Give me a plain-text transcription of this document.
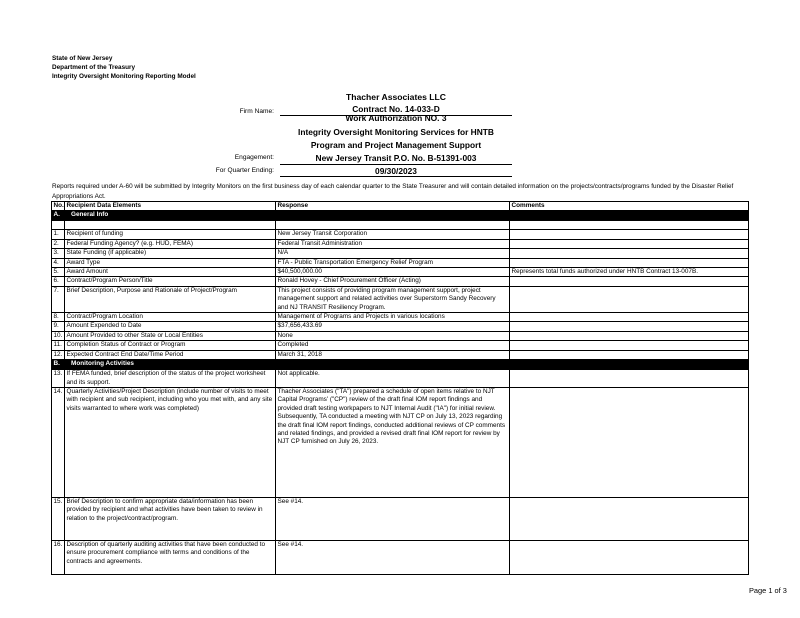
State of New Jersey
Department of the Treasury
Integrity Oversight Monitoring Reporting Model
Thacher Associates LLC
Firm Name:	Contract No. 14-033-D
Work Authorization NO. 3
Integrity Oversight Monitoring Services for HNTB
Program and Project Management Support
Engagement:	New Jersey Transit P.O. No. B-51391-003
For Quarter Ending:	09/30/2023
Reports required under A-60 will be submitted by Integrity Monitors on the first business day of each calendar quarter to the State Treasurer and will contain detailed information on the projects/contracts/programs funded by the Disaster Relief Appropriations Act.
No.	Recipient Data Elements	Response	Comments
A.	General Info		

1.	Recipient of funding	New Jersey Transit Corporation	
2.	Federal Funding Agency? (e.g. HUD, FEMA)	Federal Transit Administration	
3.	State Funding (if applicable)	N/A	
4.	Award Type	FTA - Public Transportation Emergency Relief Program	
5.	Award Amount	$40,500,000.00	Represents total funds authorized under HNTB Contract 13-007B.
6.	Contract/Program Person/Title	Ronald Hovey - Chief Procurement Officer (Acting)	
7.	Brief Description, Purpose and Rationale of Project/Program	This project consists of providing program management support, project management support and related activities over Superstorm Sandy Recovery and NJ TRANSIT Resiliency Program.	
8.	Contract/Program Location	Management of Programs and Projects in various locations	
9.	Amount Expended to Date	$37,656,433.69	
10.	Amount Provided to other State or Local Entities	None	
11.	Completion Status of Contract or Program	Completed	
12.	Expected Contract End Date/Time Period	March 31, 2018	
B.	Monitoring Activities		
13.	If FEMA funded, brief description of the status of the project worksheet and its support.	Not applicable.	
14.	Quarterly Activities/Project Description (include number of visits to meet with recipient and sub recipient, including who you met with, and any site visits warranted to where work was completed)	Thacher Associates ("TA") prepared a schedule of open items relative to NJT Capital Programs' ("CP") review of the draft final IOM report findings and provided draft testing workpapers to NJT Internal Audit ("IA") for initial review. Subsequently, TA conducted a meeting with NJT CP on July 13, 2023 regarding the draft final IOM report findings, conducted additional reviews of CP comments and related findings, and provided a revised draft final IOM report for review by NJT CP furnished on July 26, 2023.	
15.	Brief Description to confirm appropriate data/information has been provided by recipient and what activities have been taken to review in relation to the project/contract/program.	See #14.	
16.	Description of quarterly auditing activities that have been conducted to ensure procurement compliance with terms and conditions of the contracts and agreements.	See #14.	
Page 1 of 3
